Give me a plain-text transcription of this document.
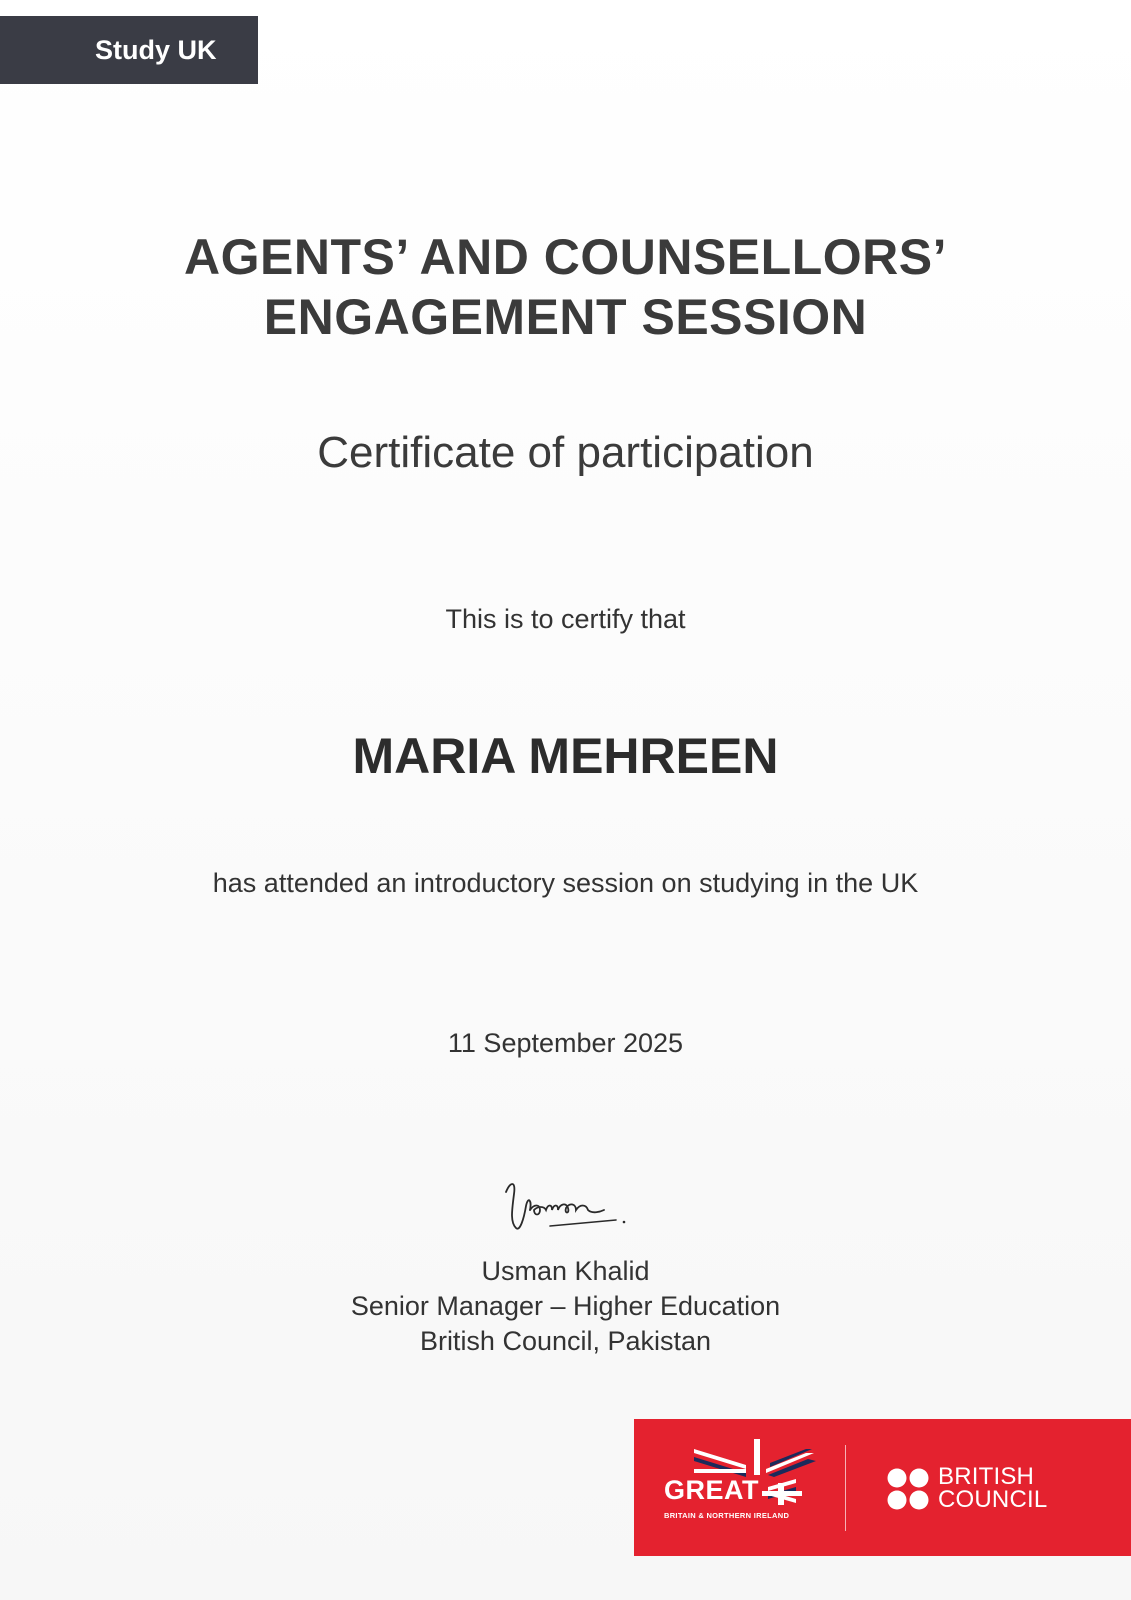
Study UK
AGENTS’ AND COUNSELLORS’
ENGAGEMENT SESSION
Certificate of participation
This is to certify that
MARIA MEHREEN
has attended an introductory session on studying in the UK
11 September 2025
Usman Khalid
Senior Manager – Higher Education
British Council, Pakistan
GREAT
BRITAIN & NORTHERN IRELAND
BRITISH
COUNCIL
